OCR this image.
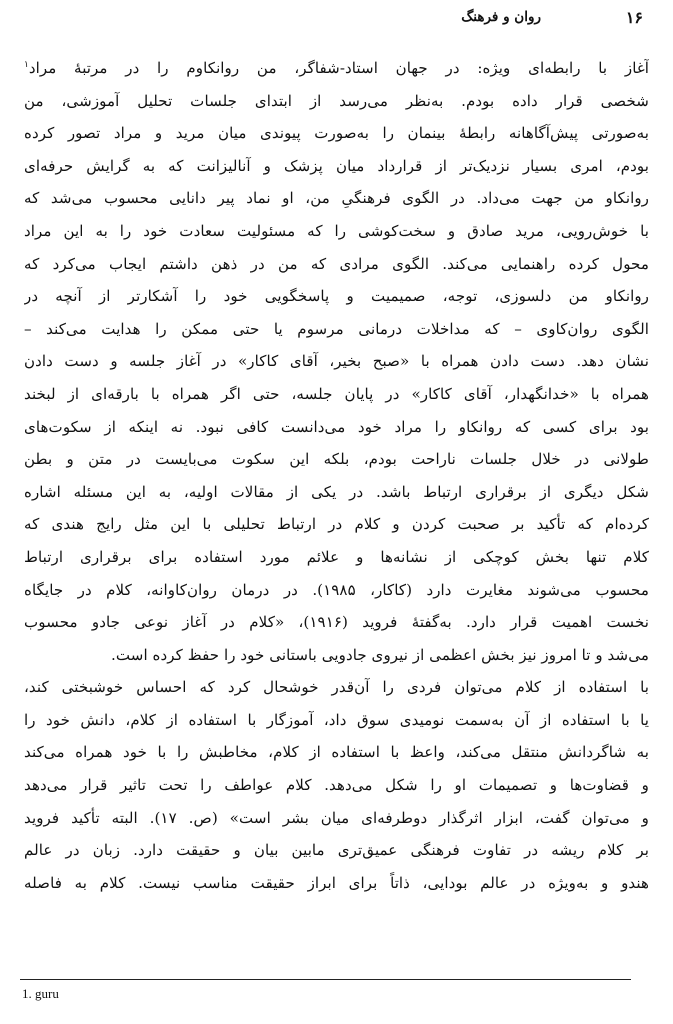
١۶
روان و فرهنگ
آغاز با رابطه‌ای ویژه: در جهان استاد-شفاگر، من روانکاوم را در مرتبهٔ مراد$^۱$
شخصی قرار داده بودم. به‌نظر می‌رسد از ابتدای جلسات تحلیل آموزشی، من
به‌صورتی پیش‌آگاهانه رابطهٔ بینمان را به‌صورت پیوندی میان مرید و مراد تصور کرده
بودم، امری بسیار نزدیک‌تر از قرارداد میان پزشک و آنالیزانت که به گرایش حرفه‌ای
روانکاو من جهت می‌داد. در الگوی فرهنگیِ من، او نماد پیر دانایی محسوب می‌شد که
با خوش‌رویی، مرید صادق و سخت‌کوشی را که مسئولیت سعادت خود را به این مراد
محول کرده راهنمایی می‌کند. الگوی مرادی که من در ذهن داشتم ایجاب می‌کرد که
روانکاو من دلسوزی، توجه، صمیمیت و پاسخگویی خود را آشکارتر از آنچه در
الگوی روان‌کاوی – که مداخلات درمانی مرسوم یا حتی ممکن را هدایت می‌کند –
نشان دهد. دست دادن همراه با «صبح بخیر، آقای کاکار» در آغاز جلسه و دست دادن
همراه با «خدانگهدار، آقای کاکار» در پایان جلسه، حتی اگر همراه با بارقه‌ای از لبخند
بود برای کسی که روانکاو را مراد خود می‌دانست کافی نبود. نه اینکه از سکوت‌های
طولانی در خلال جلسات ناراحت بودم، بلکه این سکوت می‌بایست در متن و بطن
شکل دیگری از برقراری ارتباط باشد. در یکی از مقالات اولیه، به این مسئله اشاره
کرده‌ام که تأکید بر صحبت کردن و کلام در ارتباط تحلیلی با این مثل رایج هندی که
کلام تنها بخش کوچکی از نشانه‌ها و علائم مورد استفاده برای برقراری ارتباط
محسوب می‌شوند مغایرت دارد (کاکار، ۱۹۸۵). در درمان روان‌کاوانه، کلام در جایگاه
نخست اهمیت قرار دارد. به‌گفتهٔ فروید (۱۹۱۶)، «کلام در آغاز نوعی جادو محسوب
می‌شد و تا امروز نیز بخش اعظمی از نیروی جادویی باستانی خود را حفظ کرده است.
با استفاده از کلام می‌توان فردی را آن‌قدر خوشحال کرد که احساس خوشبختی کند،
یا با استفاده از آن به‌سمت نومیدی سوق داد، آموزگار با استفاده از کلام، دانش خود را
به شاگردانش منتقل می‌کند، واعظ با استفاده از کلام، مخاطبش را با خود همراه می‌کند
و قضاوت‌ها و تصمیمات او را شکل می‌دهد. کلام عواطف را تحت تاثیر قرار می‌دهد
و می‌توان گفت، ابزار اثرگذار دوطرفه‌ای میان بشر است» (ص. ۱۷). البته تأکید فروید
بر کلام ریشه در تفاوت فرهنگی عمیق‌تری مابین بیان و حقیقت دارد. زبان در عالم
هندو و به‌ویژه در عالم بودایی، ذاتاً برای ابراز حقیقت مناسب نیست. کلام به فاصله
1. guru
